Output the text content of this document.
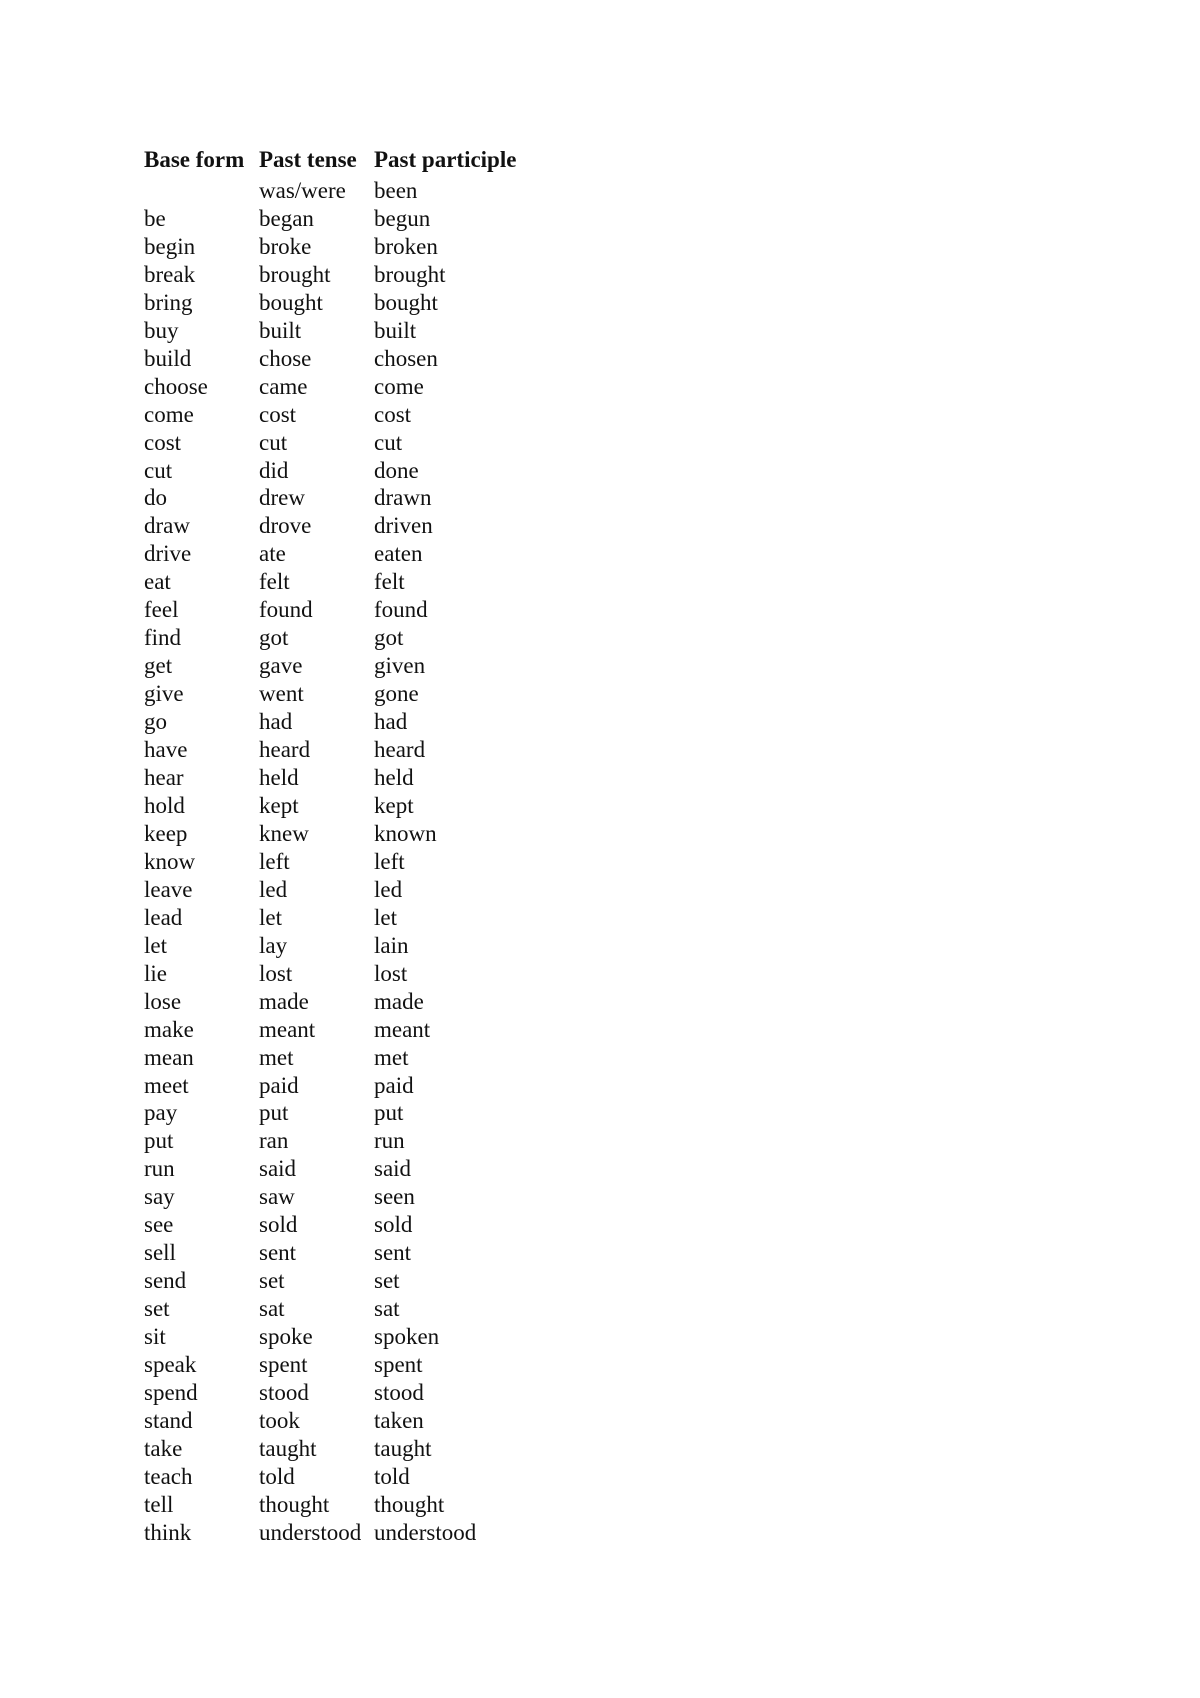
Base form	Past tense	Past participle
	was/were	been
be	began	begun
begin	broke	broken
break	brought	brought
bring	bought	bought
buy	built	built
build	chose	chosen
choose	came	come
come	cost	cost
cost	cut	cut
cut	did	done
do	drew	drawn
draw	drove	driven
drive	ate	eaten
eat	felt	felt
feel	found	found
find	got	got
get	gave	given
give	went	gone
go	had	had
have	heard	heard
hear	held	held
hold	kept	kept
keep	knew	known
know	left	left
leave	led	led
lead	let	let
let	lay	lain
lie	lost	lost
lose	made	made
make	meant	meant
mean	met	met
meet	paid	paid
pay	put	put
put	ran	run
run	said	said
say	saw	seen
see	sold	sold
sell	sent	sent
send	set	set
set	sat	sat
sit	spoke	spoken
speak	spent	spent
spend	stood	stood
stand	took	taken
take	taught	taught
teach	told	told
tell	thought	thought
think	understood	understood
